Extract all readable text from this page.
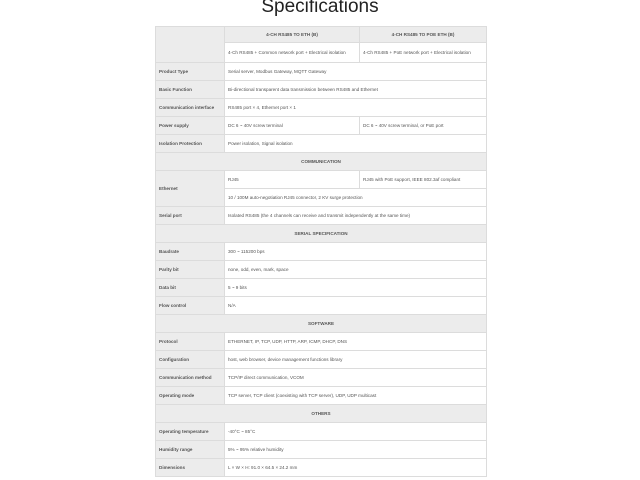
Specifications
	4-CH RS485 TO ETH (B)	4-CH RS485 TO POE ETH (B)
	4-Ch RS485 + Common network port + Electrical isolation	4-Ch RS485 + PoE network port + Electrical isolation
Product Type	Serial server, Modbus Gateway, MQTT Gateway	
Basic Function	Bi-directional transparent data transmission between RS485 and Ethernet	
Communication interface	RS485 port × 4, Ethernet port × 1	
Power supply	DC 6 ~ 40V screw terminal	DC 6 ~ 40V screw terminal, or PoE port
Isolation Protection	Power isolation, Signal isolation	
COMMUNICATION		
Ethernet	RJ45	RJ45 with PoE support, IEEE 802.3af compliant
	10 / 100M auto-negotiation RJ45 connector, 2 KV surge protection	
Serial port	Isolated RS485 (the 4 channels can receive and transmit independently at the same time)	
SERIAL SPECIFICATION		
Baudrate	300 ~ 115200 bps	
Parity bit	none, odd, even, mark, space	
Data bit	5 ~ 9 bits	
Flow control	N/A	
SOFTWARE		
Protocol	ETHERNET, IP, TCP, UDP, HTTP, ARP, ICMP, DHCP, DNS	
Configuration	host, web browser, device management functions library	
Communication method	TCP/IP direct communication, VCOM	
Operating mode	TCP server, TCP client (coexisting with TCP server), UDP, UDP multicast	
OTHERS		
Operating temperature	-40°C ~ 85°C	
Humidity range	5% ~ 95% relative humidity	
Dimensions	L × W × H: 91.0 × 64.5 × 24.2 mm	
